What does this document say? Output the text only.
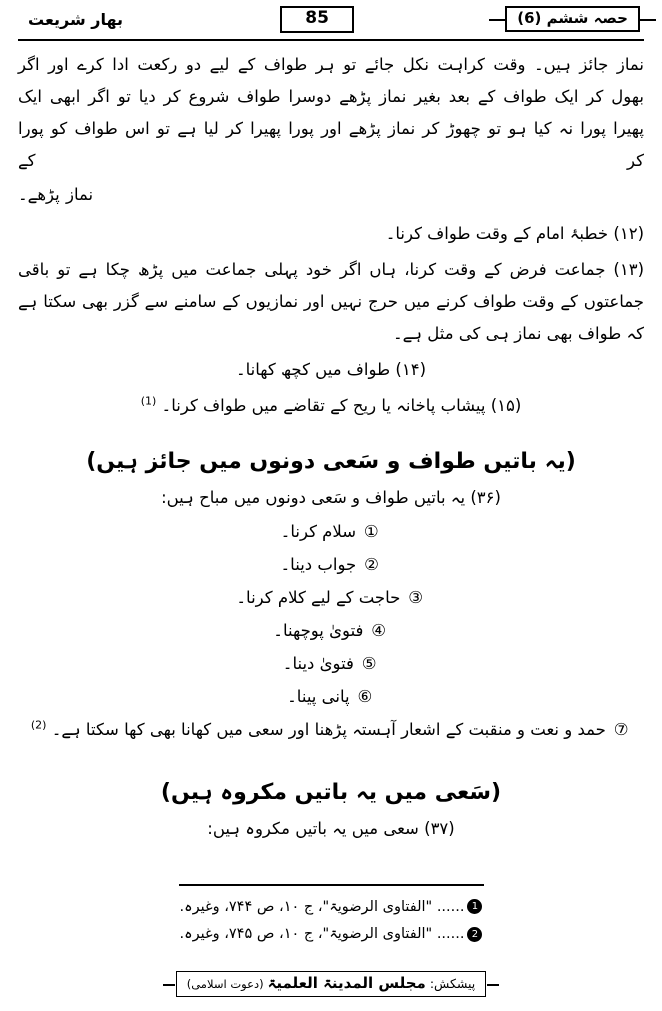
حصہ ششم (6)
85
بهار شریعت
نماز جائز ہیں۔ وقت کراہت نکل جائے تو ہر طواف کے لیے دو رکعت ادا کرے اور اگر بھول کر ایک طواف کے بعد بغیر نماز پڑھے دوسرا طواف شروع کر دیا تو اگر ابھی ایک پھیرا پورا نہ کیا ہو تو چھوڑ کر نماز پڑھے اور پورا پھیرا کر لیا ہے تو اس طواف کو پورا کر کے
نماز پڑھے۔
(۱۲) خطبۂ امام کے وقت طواف کرنا۔
(۱۳) جماعت فرض کے وقت کرنا، ہاں اگر خود پہلی جماعت میں پڑھ چکا ہے تو باقی جماعتوں کے وقت طواف کرنے میں حرج نہیں اور نمازیوں کے سامنے سے گزر بھی سکتا ہے کہ طواف بھی نماز ہی کی مثل ہے۔
(۱۴) طواف میں کچھ کھانا۔
(۱۵) پیشاب پاخانہ یا ریح کے تقاضے میں طواف کرنا۔ $^{(1)}$
(یہ باتیں طواف و سَعی دونوں میں جائز ہیں)
(۳۶) یہ باتیں طواف و سَعی دونوں میں مباح ہیں:
① سلام کرنا۔
② جواب دینا۔
③ حاجت کے لیے کلام کرنا۔
④ فتویٰ پوچھنا۔
⑤ فتویٰ دینا۔
⑥ پانی پینا۔
⑦ حمد و نعت و منقبت کے اشعار آہستہ پڑھنا اور سعی میں کھانا بھی کھا سکتا ہے۔ $^{(2)}$
(سَعی میں یہ باتیں مکروہ ہیں)
(۳۷) سعی میں یہ باتیں مکروہ ہیں:
1...... "الفتاوی الرضویۃ"، ج ۱۰، ص ۷۴۴، وغیرہ.
2...... "الفتاوی الرضویۃ"، ج ۱۰، ص ۷۴۵، وغیرہ.
پیشکش:
مجلس المدینۃ العلمیۃ
(دعوت اسلامی)
